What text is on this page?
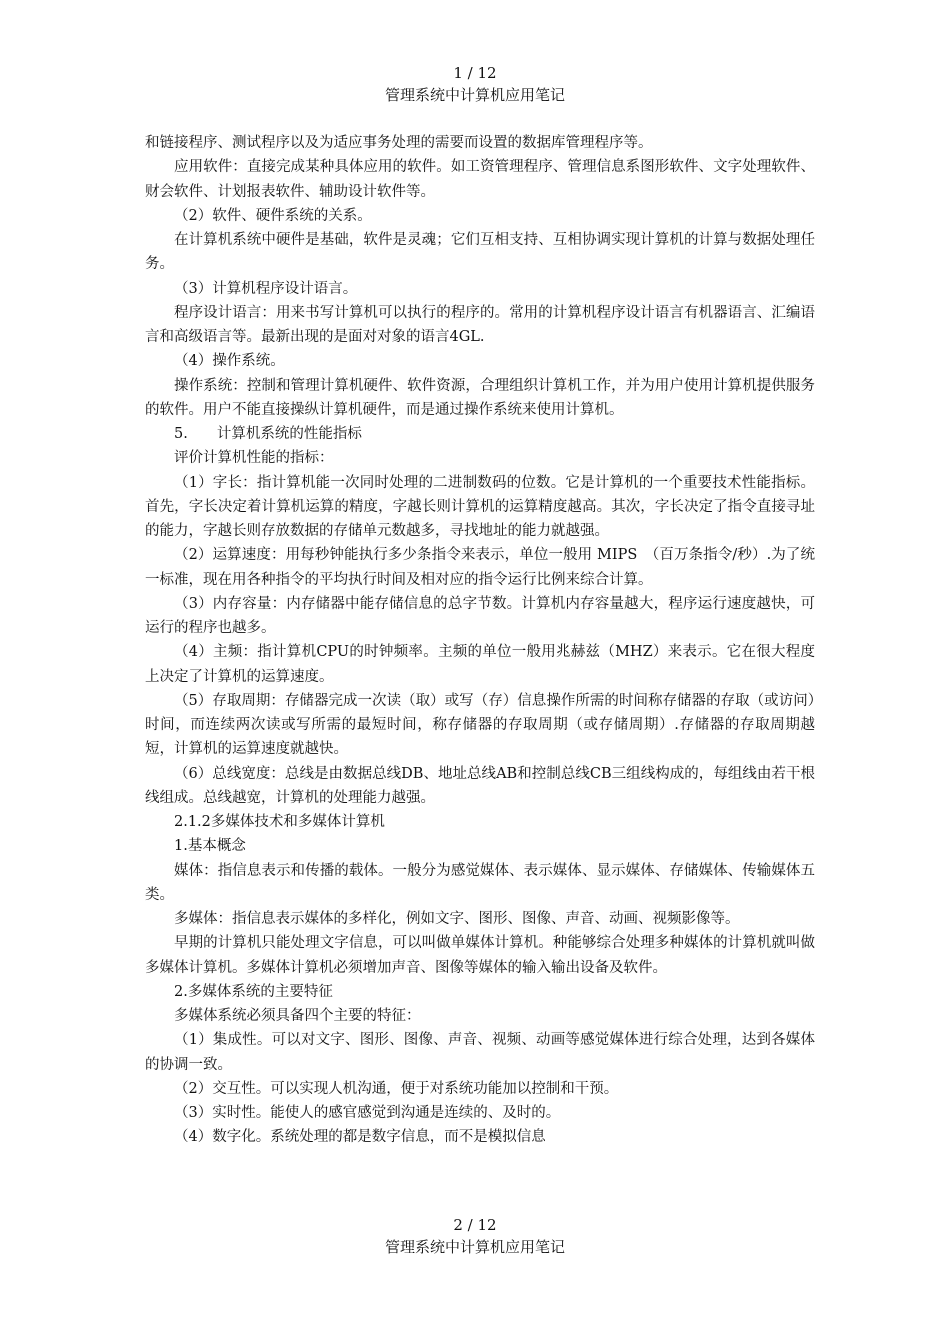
1 / 12
管理系统中计算机应用笔记

和链接程序、测试程序以及为适应事务处理的需要而设置的数据库管理程序等。

应用软件：直接完成某种具体应用的软件。如工资管理程序、管理信息系图形软件、文字处理软件、财会软件、计划报表软件、辅助设计软件等。

（2）软件、硬件系统的关系。

在计算机系统中硬件是基础，软件是灵魂；它们互相支持、互相协调实现计算机的计算与数据处理任务。

（3）计算机程序设计语言。

程序设计语言：用来书写计算机可以执行的程序的。常用的计算机程序设计语言有机器语言、汇编语言和高级语言等。最新出现的是面对对象的语言4GL.

（4）操作系统。

操作系统：控制和管理计算机硬件、软件资源，合理组织计算机工作，并为用户使用计算机提供服务的软件。用户不能直接操纵计算机硬件，而是通过操作系统来使用计算机。

5.　　计算机系统的性能指标

评价计算机性能的指标：

（1）字长：指计算机能一次同时处理的二进制数码的位数。它是计算机的一个重要技术性能指标。首先，字长决定着计算机运算的精度，字越长则计算机的运算精度越高。其次，字长决定了指令直接寻址的能力，字越长则存放数据的存储单元数越多，寻找地址的能力就越强。

（2）运算速度：用每秒钟能执行多少条指令来表示，单位一般用 MIPS　（百万条指令/秒）.为了统一标准，现在用各种指令的平均执行时间及相对应的指令运行比例来综合计算。

（3）内存容量：内存储器中能存储信息的总字节数。计算机内存容量越大，程序运行速度越快，可运行的程序也越多。

（4）主频：指计算机CPU的时钟频率。主频的单位一般用兆赫兹（MHZ）来表示。它在很大程度上决定了计算机的运算速度。

（5）存取周期：存储器完成一次读（取）或写（存）信息操作所需的时间称存储器的存取（或访问）时间，而连续两次读或写所需的最短时间，称存储器的存取周期（或存储周期）.存储器的存取周期越短，计算机的运算速度就越快。

（6）总线宽度：总线是由数据总线DB、地址总线AB和控制总线CB三组线构成的，每组线由若干根线组成。总线越宽，计算机的处理能力越强。

2.1.2多媒体技术和多媒体计算机

1.基本概念

媒体：指信息表示和传播的载体。一般分为感觉媒体、表示媒体、显示媒体、存储媒体、传输媒体五类。

多媒体：指信息表示媒体的多样化，例如文字、图形、图像、声音、动画、视频影像等。

早期的计算机只能处理文字信息，可以叫做单媒体计算机。种能够综合处理多种媒体的计算机就叫做多媒体计算机。多媒体计算机必须增加声音、图像等媒体的输入输出设备及软件。

2.多媒体系统的主要特征

多媒体系统必须具备四个主要的特征：

（1）集成性。可以对文字、图形、图像、声音、视频、动画等感觉媒体进行综合处理，达到各媒体的协调一致。

（2）交互性。可以实现人机沟通，便于对系统功能加以控制和干预。

（3）实时性。能使人的感官感觉到沟通是连续的、及时的。

（4）数字化。系统处理的都是数字信息，而不是模拟信息

2 / 12
管理系统中计算机应用笔记
